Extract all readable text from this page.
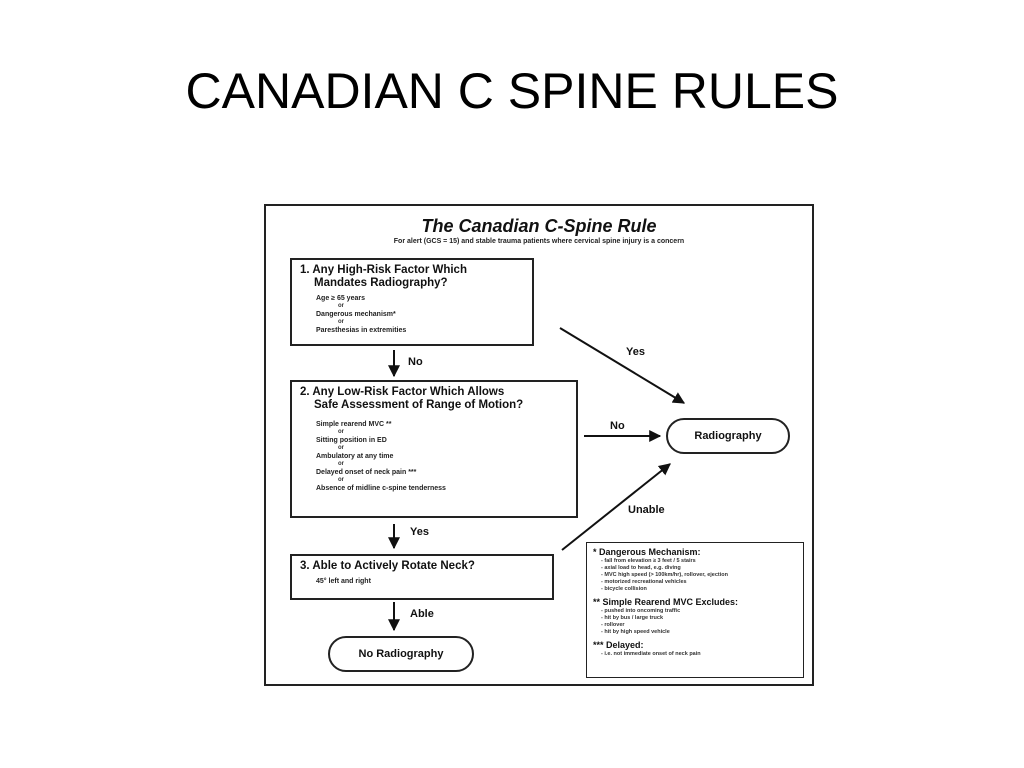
CANADIAN C SPINE RULES
The Canadian C-Spine Rule
For alert (GCS = 15) and stable trauma patients where cervical spine injury is a concern
1. Any High-Risk Factor Which
Mandates Radiography?
Age ≥ 65 years
or
Dangerous mechanism*
or
Paresthesias in extremities
No
Yes
2. Any Low-Risk Factor Which Allows
Safe Assessment of Range of Motion?
Simple rearend MVC **
or
Sitting position in ED
or
Ambulatory at any time
or
Delayed onset of neck pain ***
or
Absence of midline c-spine tenderness
No
Radiography
Yes
Unable
3. Able to Actively Rotate Neck?
45° left and right
Able
No Radiography
* Dangerous Mechanism:
- fall from elevation ≥ 3 feet / 5 stairs
- axial load to head, e.g. diving
- MVC high speed (> 100km/hr), rollover, ejection
- motorized recreational vehicles
- bicycle collision
** Simple Rearend MVC Excludes:
- pushed into oncoming traffic
- hit by bus / large truck
- rollover
- hit by high speed vehicle
*** Delayed:
- i.e. not immediate onset of neck pain
